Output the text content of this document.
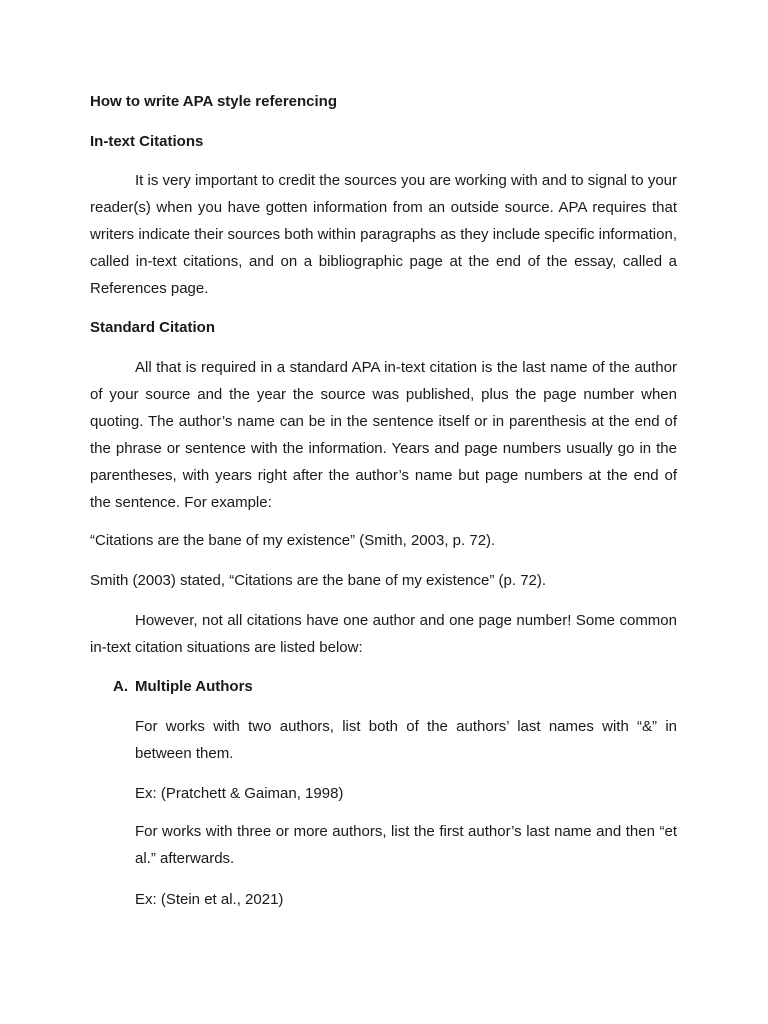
How to write APA style referencing
In-text Citations

It is very important to credit the sources you are working with and to signal to your reader(s) when you have gotten information from an outside source. APA requires that writers indicate their sources both within paragraphs as they include specific information, called in-text citations, and on a bibliographic page at the end of the essay, called a References page.

Standard Citation

All that is required in a standard APA in-text citation is the last name of the author of your source and the year the source was published, plus the page number when quoting. The author’s name can be in the sentence itself or in parenthesis at the end of the phrase or sentence with the information. Years and page numbers usually go in the parentheses, with years right after the author’s name but page numbers at the end of the sentence. For example:

“Citations are the bane of my existence” (Smith, 2003, p. 72).

Smith (2003) stated, “Citations are the bane of my existence” (p. 72).

However, not all citations have one author and one page number! Some common in-text citation situations are listed below:

A. Multiple Authors

For works with two authors, list both of the authors’ last names with “&” in between them.

Ex: (Pratchett & Gaiman, 1998)

For works with three or more authors, list the first author’s last name and then “et al.” afterwards.

Ex: (Stein et al., 2021)
